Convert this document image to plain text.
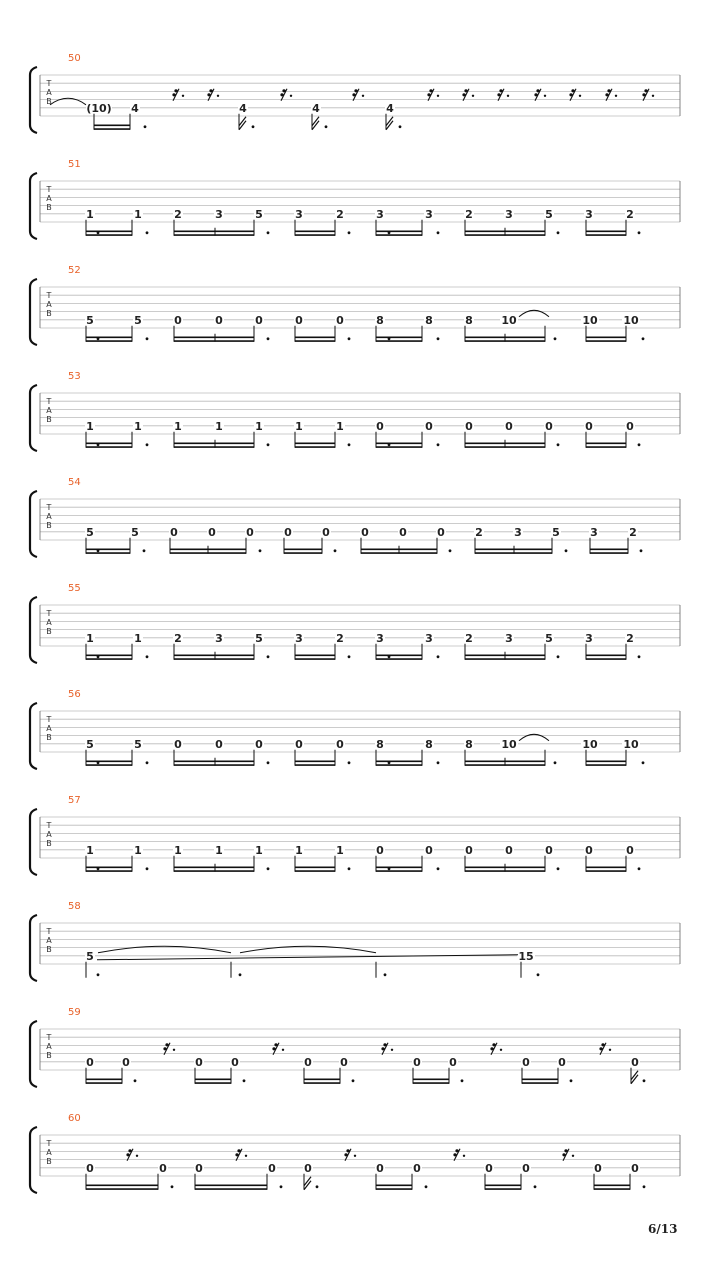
T
A
B
50
(10) 4	4	4	4
T
A
B
51
1	1	2	3	5	3	2	3	3	2	3	5	3	2
T
A
B
52
5	5	0	0	0	0	0	8	8	8	10	10 10
T
A
B
53
1	1	1	1	1	1	1	0	0	0	0	0	0	0
T
A
B
54
5	5	0	0	0	0	0	0	0	0	2	3	5	3	2
T
A
B
55
1	1	2	3	5	3	2	3	3	2	3	5	3	2
T
A
B
56
5	5	0	0	0	0	0	8	8	8	10	10 10
T
A
B
57
1	1	1	1	1	1	1	0	0	0	0	0	0	0
T
A
B
58
5	15
T
A
B
59
0	0	0	0	0	0	0	0	0	0	0
T
A
B
60
0	0	0	0	0	0	0	0	0	0	0
6/13
